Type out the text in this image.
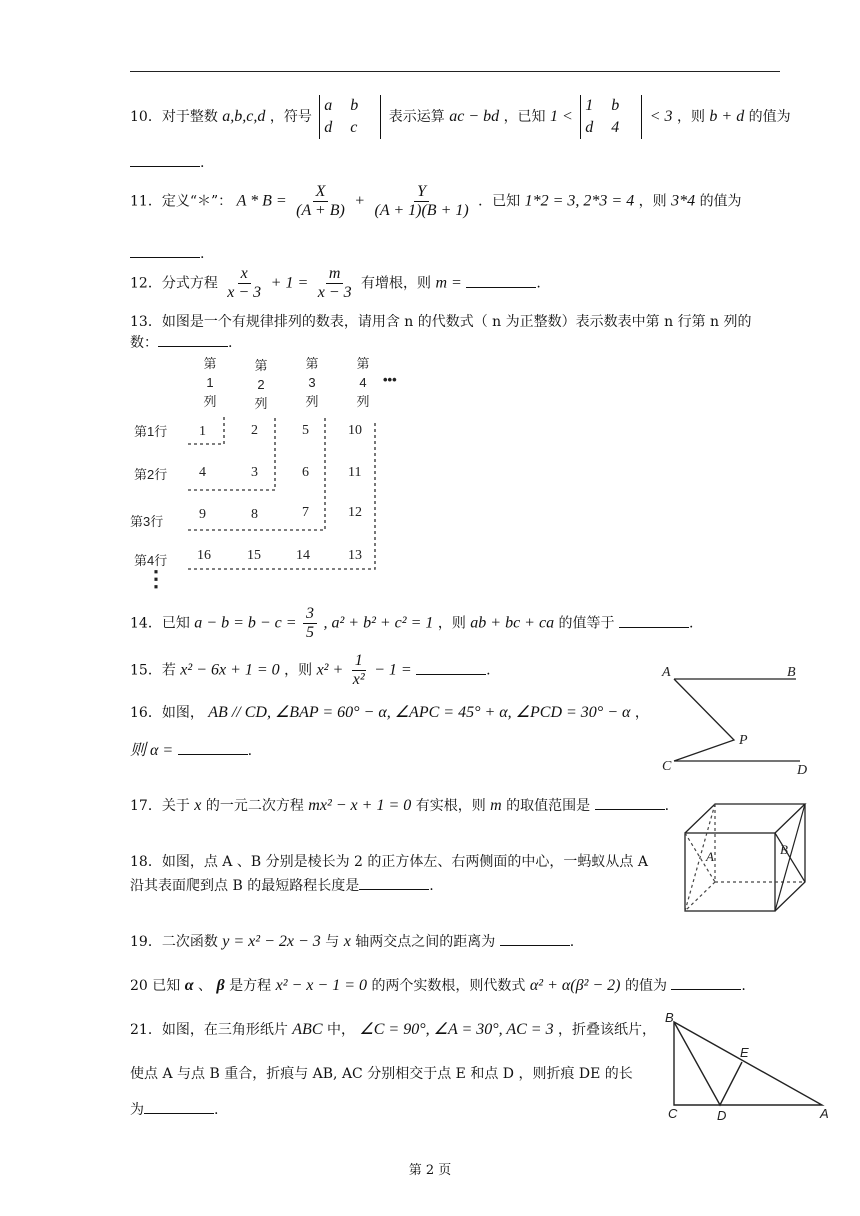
10．对于整数 a,b,c,d ，符号 a b
d c 表示运算 ac − bd ，已知 1 < 1 b
d 4 < 3 ，则 b + d 的值为
.
11．定义“＊”： $A * B = \frac{X}{(A + B)} + \frac{Y}{(A + 1)(B + 1)}$ ．已知 1*2 = 3, 2*3 = 4 ，则 3*4 的值为
.
12．分式方程 $\frac{x}{x - 3} + 1 = \frac{m}{x - 3}$ 有增根，则 m =	.
13．如图是一个有规律排列的数表，请用含 n 的代数式（ n 为正整数）表示数表中第 n 行第 n 列的
数：	.
第
1
列
第
2
列
第
3
列
第
4
列
•••
第1行
第2行
第3行
第4行
⋮
1	2	5	10
4	3	6	11
9	8	7	12
16	15	14	13
14．已知 $a - b = b - c = \frac{3}{5}$ , a² + b² + c² = 1 ，则 ab + bc + ca 的值等于	.
15．若 x² − 6x + 1 = 0 ，则 $x^2 + \frac{1}{\text{x²}} - 1$ =	.
16．如图， AB // CD, ∠BAP = 60° − α, ∠APC = 45° + α, ∠PCD = 30° − α ，
则 α =	.
A	B
P
C	D
17．关于 x 的一元二次方程 mx² − x + 1 = 0 有实根，则 m 的取值范围是	.
18．如图，点 A 、B 分别是棱长为 2 的正方体左、右两侧面的中心，一蚂蚁从点 A
沿其表面爬到点 B 的最短路程长度是	.
A	B
19．二次函数 y = x² − 2x − 3 与 x 轴两交点之间的距离为	.
20 已知 α 、 β 是方程 x² − x − 1 = 0 的两个实数根，则代数式 α² + α(β² − 2) 的值为	.
21．如图，在三角形纸片 ABC 中， ∠C = 90°, ∠A = 30°, AC = 3 ，折叠该纸片，
使点 A 与点 B 重合，折痕与 AB, AC 分别相交于点 E 和点 D ，则折痕 DE 的长
为	.
B
E
C	D	A
第 2 页
